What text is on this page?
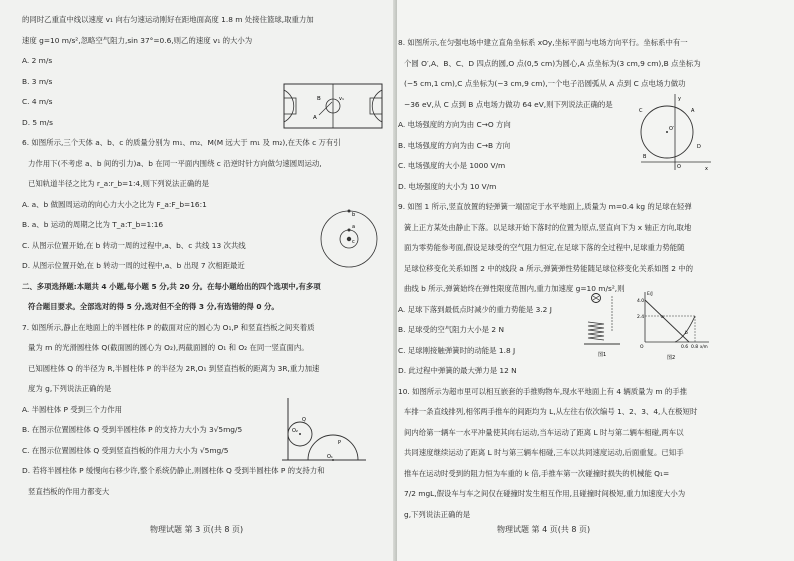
的同时乙重直中线以速度 v₁ 向右匀速运动刚好在距地面高度 1.8 m 处接住篮球,取重力加

速度 g=10 m/s²,忽略空气阻力,sin 37°=0.6,则乙的速度 v₁ 的大小为

A. 2 m/s

B. 3 m/s

C. 4 m/s

D. 5 m/s

6. 如图所示,三个天体 a、b、c 的质量分别为 m₁、m₂、M(M 远大于 m₁ 及 m₂),在天体 c 万有引

力作用下(不考虑 a、b 间的引力)a、b 在同一平面内围绕 c 沿逆时针方向做匀速圆周运动,

已知轨道半径之比为 r_a:r_b=1:4,则下列说法正确的是

A. a、b 做圆周运动的向心力大小之比为 F_a:F_b=16:1

B. a、b 运动的周期之比为 T_a:T_b=1:16

C. 从图示位置开始,在 b 转动一周的过程中,a、b、c 共线 13 次共线

D. 从图示位置开始,在 b 转动一周的过程中,a、b 出现 7 次相距最近

二、多项选择题:本题共 4 小题,每小题 5 分,共 20 分。在每小题给出的四个选项中,有多项

符合题目要求。全部选对的得 5 分,选对但不全的得 3 分,有选错的得 0 分。

7. 如图所示,静止在地面上的半圆柱体 P 的截面对应的圆心为 O₁,P 和竖直挡板之间夹着质

量为 m 的光滑圆柱体 Q(截面圆的圆心为 O₂),两截面圆的 O₁ 和 O₂ 在同一竖直面内。

已知圆柱体 Q 的半径为 R,半圆柱体 P 的半径为 2R,O₁ 到竖直挡板的距离为 3R,重力加速

度为 g,下列说法正确的是

A. 半圆柱体 P 受到三个力作用

B. 在图示位置圆柱体 Q 受到半圆柱体 P 的支持力大小为 3√5mg/5

C. 在图示位置圆柱体 Q 受到竖直挡板的作用力大小为 √5mg/5

D. 若将半圆柱体 P 缓慢向右移少许,整个系统仍静止,则圆柱体 Q 受到半圆柱体 P 的支持力和

竖直挡板的作用力都变大

物理试题 第 3 页(共 8 页)
A
B	v₁
a
b
c
O₂
Q
P
O₁

8. 如图所示,在匀强电场中建立直角坐标系 xOy,坐标平面与电场方向平行。坐标系中有一

个圆 O′,A、B、C、D 四点的圆,O 点(0,5 cm)为圆心,A 点坐标为(3 cm,9 cm),B 点坐标为

(−5 cm,1 cm),C 点坐标为(−3 cm,9 cm),一个电子沿圆弧从 A 点到 C 点电场力做功

−36 eV,从 C 点到 B 点电场力做功 64 eV,则下列说法正确的是

A. 电场强度的方向为由 C→O 方向

B. 电场强度的方向为由 C→B 方向

C. 电场强度的大小是 1000 V/m

D. 电场强度的大小为 10 V/m

9. 如图 1 所示,竖直放置的轻弹簧一端固定于水平地面上,质量为 m=0.4 kg 的足球在轻弹

簧上正方某处由静止下落。以足球开始下落时的位置为原点,竖直向下为 x 轴正方向,取地

面为零势能参考面,假设足球受的空气阻力恒定,在足球下落的全过程中,足球重力势能随

足球位移变化关系如图 2 中的线段 a 所示,弹簧弹性势能随足球位移变化关系如图 2 中的

曲线 b 所示,弹簧始终在弹性限度范围内,重力加速度 g=10 m/s²,则

A. 足球下落到最低点时减少的重力势能是 3.2 J

B. 足球受的空气阻力大小是 2 N

C. 足球刚接触弹簧时的动能是 1.8 J

D. 此过程中弹簧的最大弹力是 12 N

10. 如图所示为超市里可以相互嵌套的手推购物车,现水平地面上有 4 辆质量为 m 的手推

车排一条直线排列,相邻两手推车的间距均为 L,从左往右依次编号 1、2、3、4,人在极短时

间内给第一辆车一水平冲量使其向右运动,当车运动了距离 L 时与第二辆车相碰,两车以

共同速度继续运动了距离 L 时与第三辆车相碰,三车以共同速度运动,后面重复。已知手

推车在运动时受到的阻力恒为车重的 k 倍,手推车第一次碰撞时损失的机械能 Q₁=

7/2 mgL,假设车与车之间仅在碰撞时发生相互作用,且碰撞时间极短,重力加速度大小为

g,下列说法正确的是

物理试题 第 4 页(共 8 页)
C	A
D
B
O
O′
x
y
图1
E/J
4.0
2.4
O	0.6 0.8 x/m
a
b
图2
